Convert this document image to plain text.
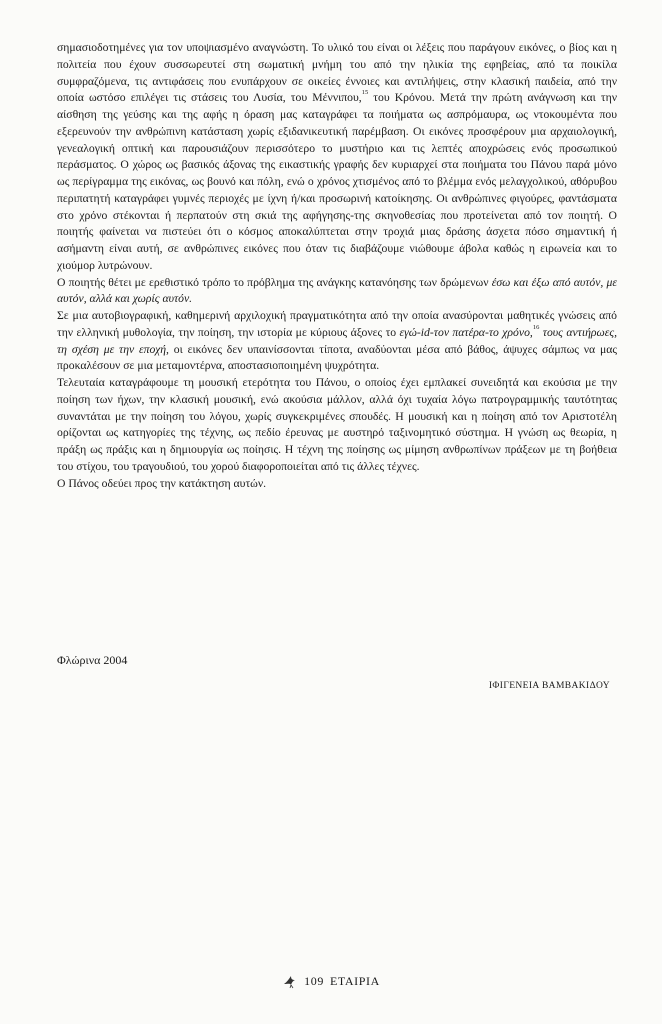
σημασιοδοτημένες για τον υποψιασμένο αναγνώστη. Το υλικό του είναι οι λέξεις που παράγουν εικόνες, ο βίος και η πολιτεία που έχουν συσσωρευτεί στη σωματική μνήμη του από την ηλικία της εφηβείας, από τα ποικίλα συμφραζόμενα, τις αντιφάσεις που ενυπάρχουν σε οικείες έννοιες και αντιλήψεις, στην κλασική παιδεία, από την οποία ωστόσο επιλέγει τις στάσεις του Λυσία, του Μέννιπου,$^{15}$ του Κρόνου. Μετά την πρώτη ανάγνωση και την αίσθηση της γεύσης και της αφής η όραση μας καταγράφει τα ποιήματα ως ασπρόμαυρα, ως ντοκουμέντα που εξερευνούν την ανθρώπινη κατάσταση χωρίς εξιδανικευτική παρέμβαση. Οι εικόνες προσφέρουν μια αρχαιολογική, γενεαλογική οπτική και παρουσιάζουν περισσότερο το μυστήριο και τις λεπτές αποχρώσεις ενός προσωπικού περάσματος. Ο χώρος ως βασικός άξονας της εικαστικής γραφής δεν κυριαρχεί στα ποιήματα του Πάνου παρά μόνο ως περίγραμμα της εικόνας, ως βουνό και πόλη, ενώ ο χρόνος χτισμένος από το βλέμμα ενός μελαγχολικού, αθόρυβου περιπατητή καταγράφει γυμνές περιοχές με ίχνη ή/και προσωρινή κατοίκησης. Οι ανθρώπινες φιγούρες, φαντάσματα στο χρόνο στέκονται ή περπατούν στη σκιά της αφήγησης-της σκηνοθεσίας που προτείνεται από τον ποιητή. Ο ποιητής φαίνεται να πιστεύει ότι ο κόσμος αποκαλύπτεται στην τροχιά μιας δράσης άσχετα πόσο σημαντική ή ασήμαντη είναι αυτή, σε ανθρώπινες εικόνες που όταν τις διαβάζουμε νιώθουμε άβολα καθώς η ειρωνεία και το χιούμορ λυτρώνουν.

Ο ποιητής θέτει με ερεθιστικό τρόπο το πρόβλημα της ανάγκης κατανόησης των δρώμενων έσω και έξω από αυτόν, με αυτόν, αλλά και χωρίς αυτόν.

Σε μια αυτοβιογραφική, καθημερινή αρχιλοχική πραγματικότητα από την οποία ανασύρονται μαθητικές γνώσεις από την ελληνική μυθολογία, την ποίηση, την ιστορία με κύριους άξονες το εγώ-id-τον πατέρα-το χρόνο,$^{16}$ τους αντιήρωες, τη σχέση με την εποχή, οι εικόνες δεν υπαινίσσονται τίποτα, αναδύονται μέσα από βάθος, άψυχες σάμπως να μας προκαλέσουν σε μια μεταμοντέρνα, αποστασιοποιημένη ψυχρότητα.

Τελευταία καταγράφουμε τη μουσική ετερότητα του Πάνου, ο οποίος έχει εμπλακεί συνειδητά και εκούσια με την ποίηση των ήχων, την κλασική μουσική, ενώ ακούσια μάλλον, αλλά όχι τυχαία λόγω πατρογραμμικής ταυτότητας συναντάται με την ποίηση του λόγου, χωρίς συγκεκριμένες σπουδές. Η μουσική και η ποίηση από τον Αριστοτέλη ορίζονται ως κατηγορίες της τέχνης, ως πεδίο έρευνας με αυστηρό ταξινομητικό σύστημα. Η γνώση ως θεωρία, η πράξη ως πράξις και η δημιουργία ως ποίησις. Η τέχνη της ποίησης ως μίμηση ανθρωπίνων πράξεων με τη βοήθεια του στίχου, του τραγουδιού, του χορού διαφοροποιείται από τις άλλες τέχνες.

Ο Πάνος οδεύει προς την κατάκτηση αυτών.

Φλώρινα 2004
ΙΦΙΓΕΝΕΙΑ ΒΑΜΒΑΚΙΔΟΥ
109 ΕΤΑΙΡΙΑ
